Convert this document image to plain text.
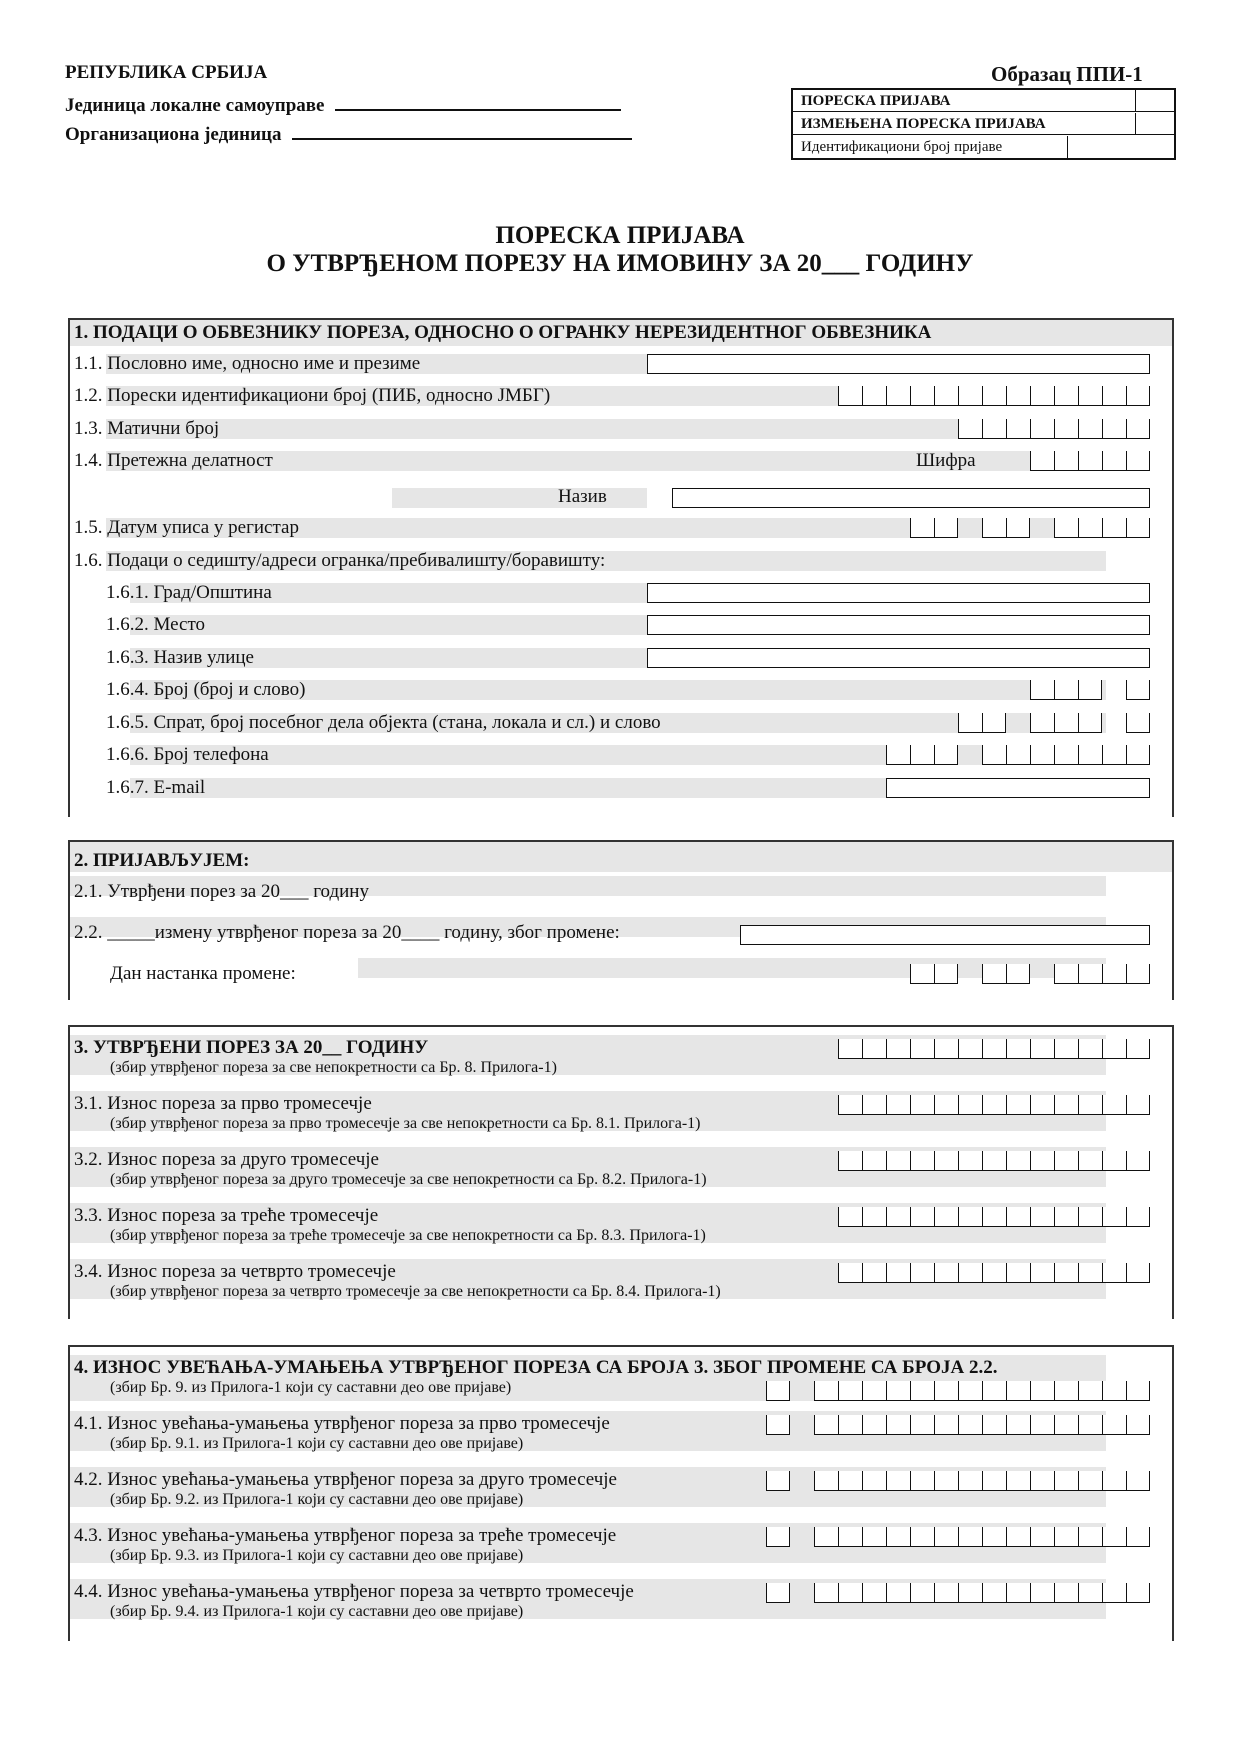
РЕПУБЛИКА СРБИЈА
Јединица локалне самоуправе
Организациона јединица
Образац ППИ-1
ПОРЕСКА ПРИЈАВА
ИЗМЕЊЕНА ПОРЕСКА ПРИЈАВА
Идентификациони број пријаве
ПОРЕСКА ПРИЈАВА
О УТВРЂЕНОМ ПОРЕЗУ НА ИМОВИНУ ЗА 20___ ГОДИНУ
1. ПОДАЦИ О ОБВЕЗНИКУ ПОРЕЗА, ОДНОСНО О ОГРАНКУ НЕРЕЗИДЕНТНОГ ОБВЕЗНИКА
1.1. Пословно име, односно име и презиме
1.2. Порески идентификациони број (ПИБ, односно ЈМБГ)
1.3. Матични број
1.4. Претежна делатност	Шифра
Назив
1.5. Датум уписа у регистар
1.6. Подаци о седишту/адреси огранка/пребивалишту/боравишту:
1.6.1. Град/Општина
1.6.2. Место
1.6.3. Назив улице
1.6.4. Број (број и слово)
1.6.5. Спрат, број посебног дела објекта (стана, локала и сл.) и слово
1.6.6. Број телефона
1.6.7. E-mail
2. ПРИЈАВЉУЈЕМ:
2.1. Утврђени порез за 20___ годину
2.2. _____измену утврђеног пореза за 20____ годину, због промене:
Дан настанка промене:
3. УТВРЂЕНИ ПОРЕЗ ЗА 20__ ГОДИНУ
(збир утврђеног пореза за све непокретности са Бр. 8. Прилога-1)
3.1. Износ пореза за прво тромесечје
(збир утврђеног пореза за прво тромесечје за све непокретности са Бр. 8.1. Прилога-1)
3.2. Износ пореза за друго тромесечје
(збир утврђеног пореза за друго тромесечје за све непокретности са Бр. 8.2. Прилога-1)
3.3. Износ пореза за треће тромесечје
(збир утврђеног пореза за треће тромесечје за све непокретности са Бр. 8.3. Прилога-1)
3.4. Износ пореза за четврто тромесечје
(збир утврђеног пореза за четврто тромесечје за све непокретности са Бр. 8.4. Прилога-1)
4. ИЗНОС УВЕЋАЊА-УМАЊЕЊА УТВРЂЕНОГ ПОРЕЗА СА БРОЈА 3. ЗБОГ ПРОМЕНЕ СА БРОЈА 2.2.
(збир Бр. 9. из Прилога-1 који су саставни део ове пријаве)
4.1. Износ увећања-умањења утврђеног пореза за прво тромесечје
(збир Бр. 9.1. из Прилога-1 који су саставни део ове пријаве)
4.2. Износ увећања-умањења утврђеног пореза за друго тромесечје
(збир Бр. 9.2. из Прилога-1 који су саставни део ове пријаве)
4.3. Износ увећања-умањења утврђеног пореза за треће тромесечје
(збир Бр. 9.3. из Прилога-1 који су саставни део ове пријаве)
4.4. Износ увећања-умањења утврђеног пореза за четврто тромесечје
(збир Бр. 9.4. из Прилога-1 који су саставни део ове пријаве)
